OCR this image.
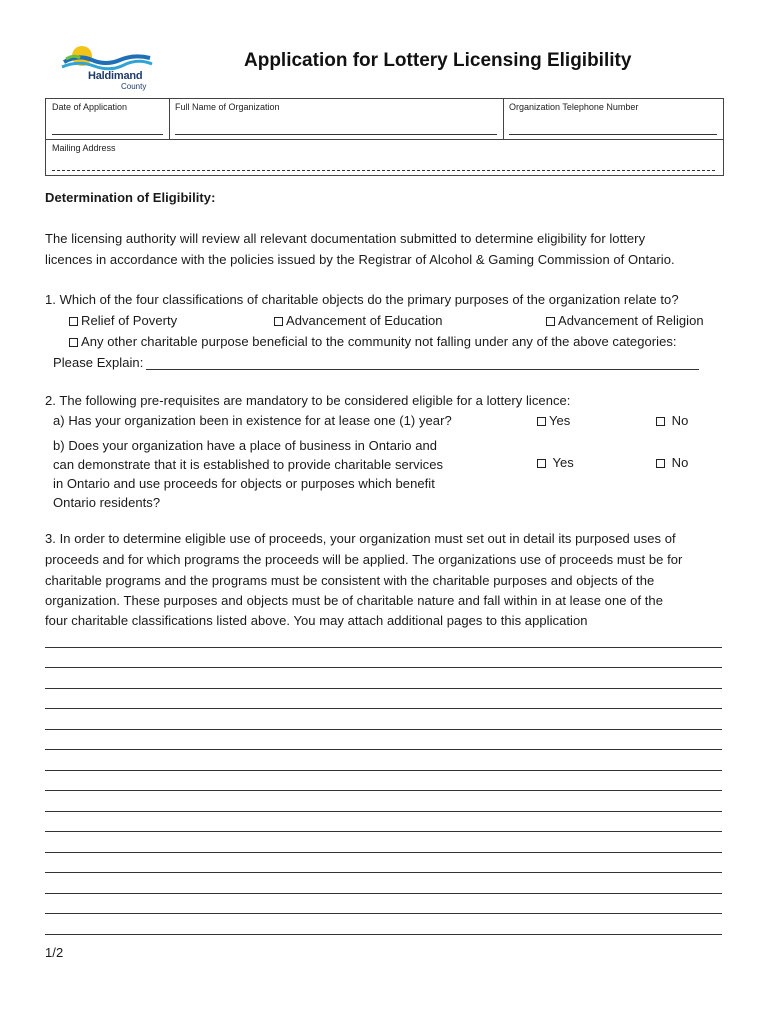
Haldimand
County
Application for Lottery Licensing Eligibility
Date of Application	Full Name of Organization	Organization Telephone Number
Mailing Address
Determination of Eligibility:
The licensing authority will review all relevant documentation submitted to determine eligibility for lottery
licences in accordance with the policies issued by the Registrar of Alcohol & Gaming Commission of Ontario.
1. Which of the four classifications of charitable objects do the primary purposes of the organization relate to?
Relief of Poverty	Advancement of Education	Advancement of Religion
Any other charitable purpose beneficial to the community not falling under any of the above categories:
Please Explain:
2. The following pre-requisites are mandatory to be considered eligible for a lottery licence:
a) Has your organization been in existence for at lease one (1) year?	Yes	No
b) Does your organization have a place of business in Ontario and
can demonstrate that it is established to provide charitable services
in Ontario and use proceeds for objects or purposes which benefit
Ontario residents?
Yes	No
3. In order to determine eligible use of proceeds, your organization must set out in detail its purposed uses of
proceeds and for which programs the proceeds will be applied. The organizations use of proceeds must be for
charitable programs and the programs must be consistent with the charitable purposes and objects of the
organization. These purposes and objects must be of charitable nature and fall within in at lease one of the
four charitable classifications listed above. You may attach additional pages to this application
1/2
